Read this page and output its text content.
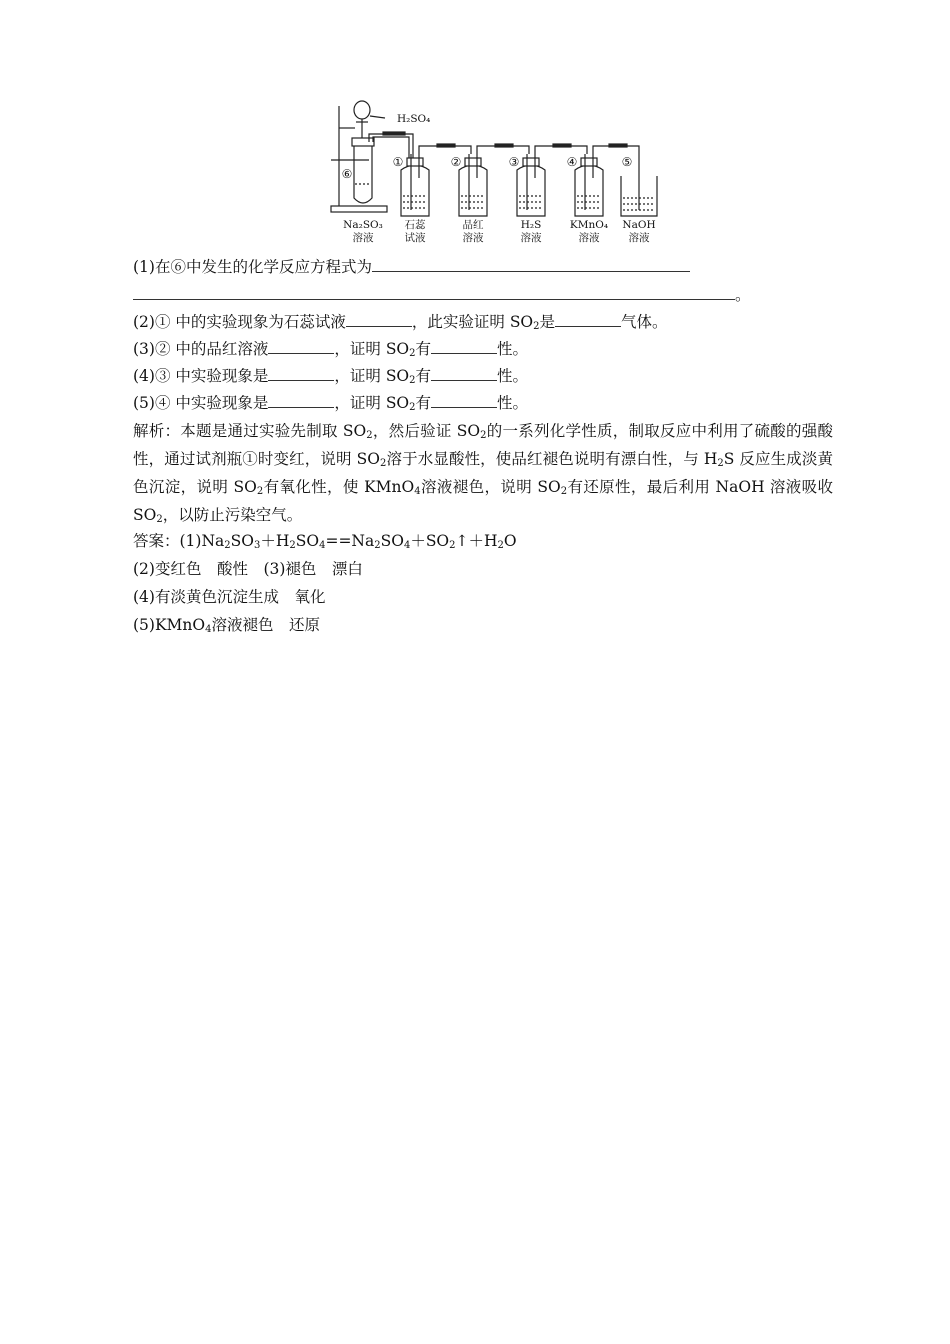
H₂SO₄
⑥
①	②	③	④	⑤
Na₂SO₃
溶液
石蕊
试液
品红
溶液
H₂S
溶液
KMnO₄
溶液
NaOH
溶液
(1)在⑥中发生的化学反应方程式为
。
(2)① 中的实验现象为石蕊试液	，此实验证明 $SO_2$是	气体。
(3)② 中的品红溶液	，证明 $SO_2$有	性。
(4)③ 中实验现象是	，证明 $SO_2$有	性。
(5)④ 中实验现象是	，证明 $SO_2$有	性。
解析：本题是通过实验先制取 $SO_2$，然后验证 $SO_2$的一系列化学性质，制取反应中利用了硫酸的强酸性，通过试剂瓶①时变红，说明 $SO_2$溶于水显酸性，使品红褪色说明有漂白性，与 $H_2S$ 反应生成淡黄色沉淀，说明 $SO_2$有氧化性，使 KMnO$_4$溶液褪色，说明 $SO_2$有还原性，最后利用 NaOH 溶液吸收 $SO_2$，以防止污染空气。
答案：$(1)Na_2SO_3+H_2SO_4==Na_2SO_4+SO_2↑+H_2O$
(2)变红色　酸性　(3)褪色　漂白
(4)有淡黄色沉淀生成　氧化
(5)KMnO$_4$溶液褪色　还原
